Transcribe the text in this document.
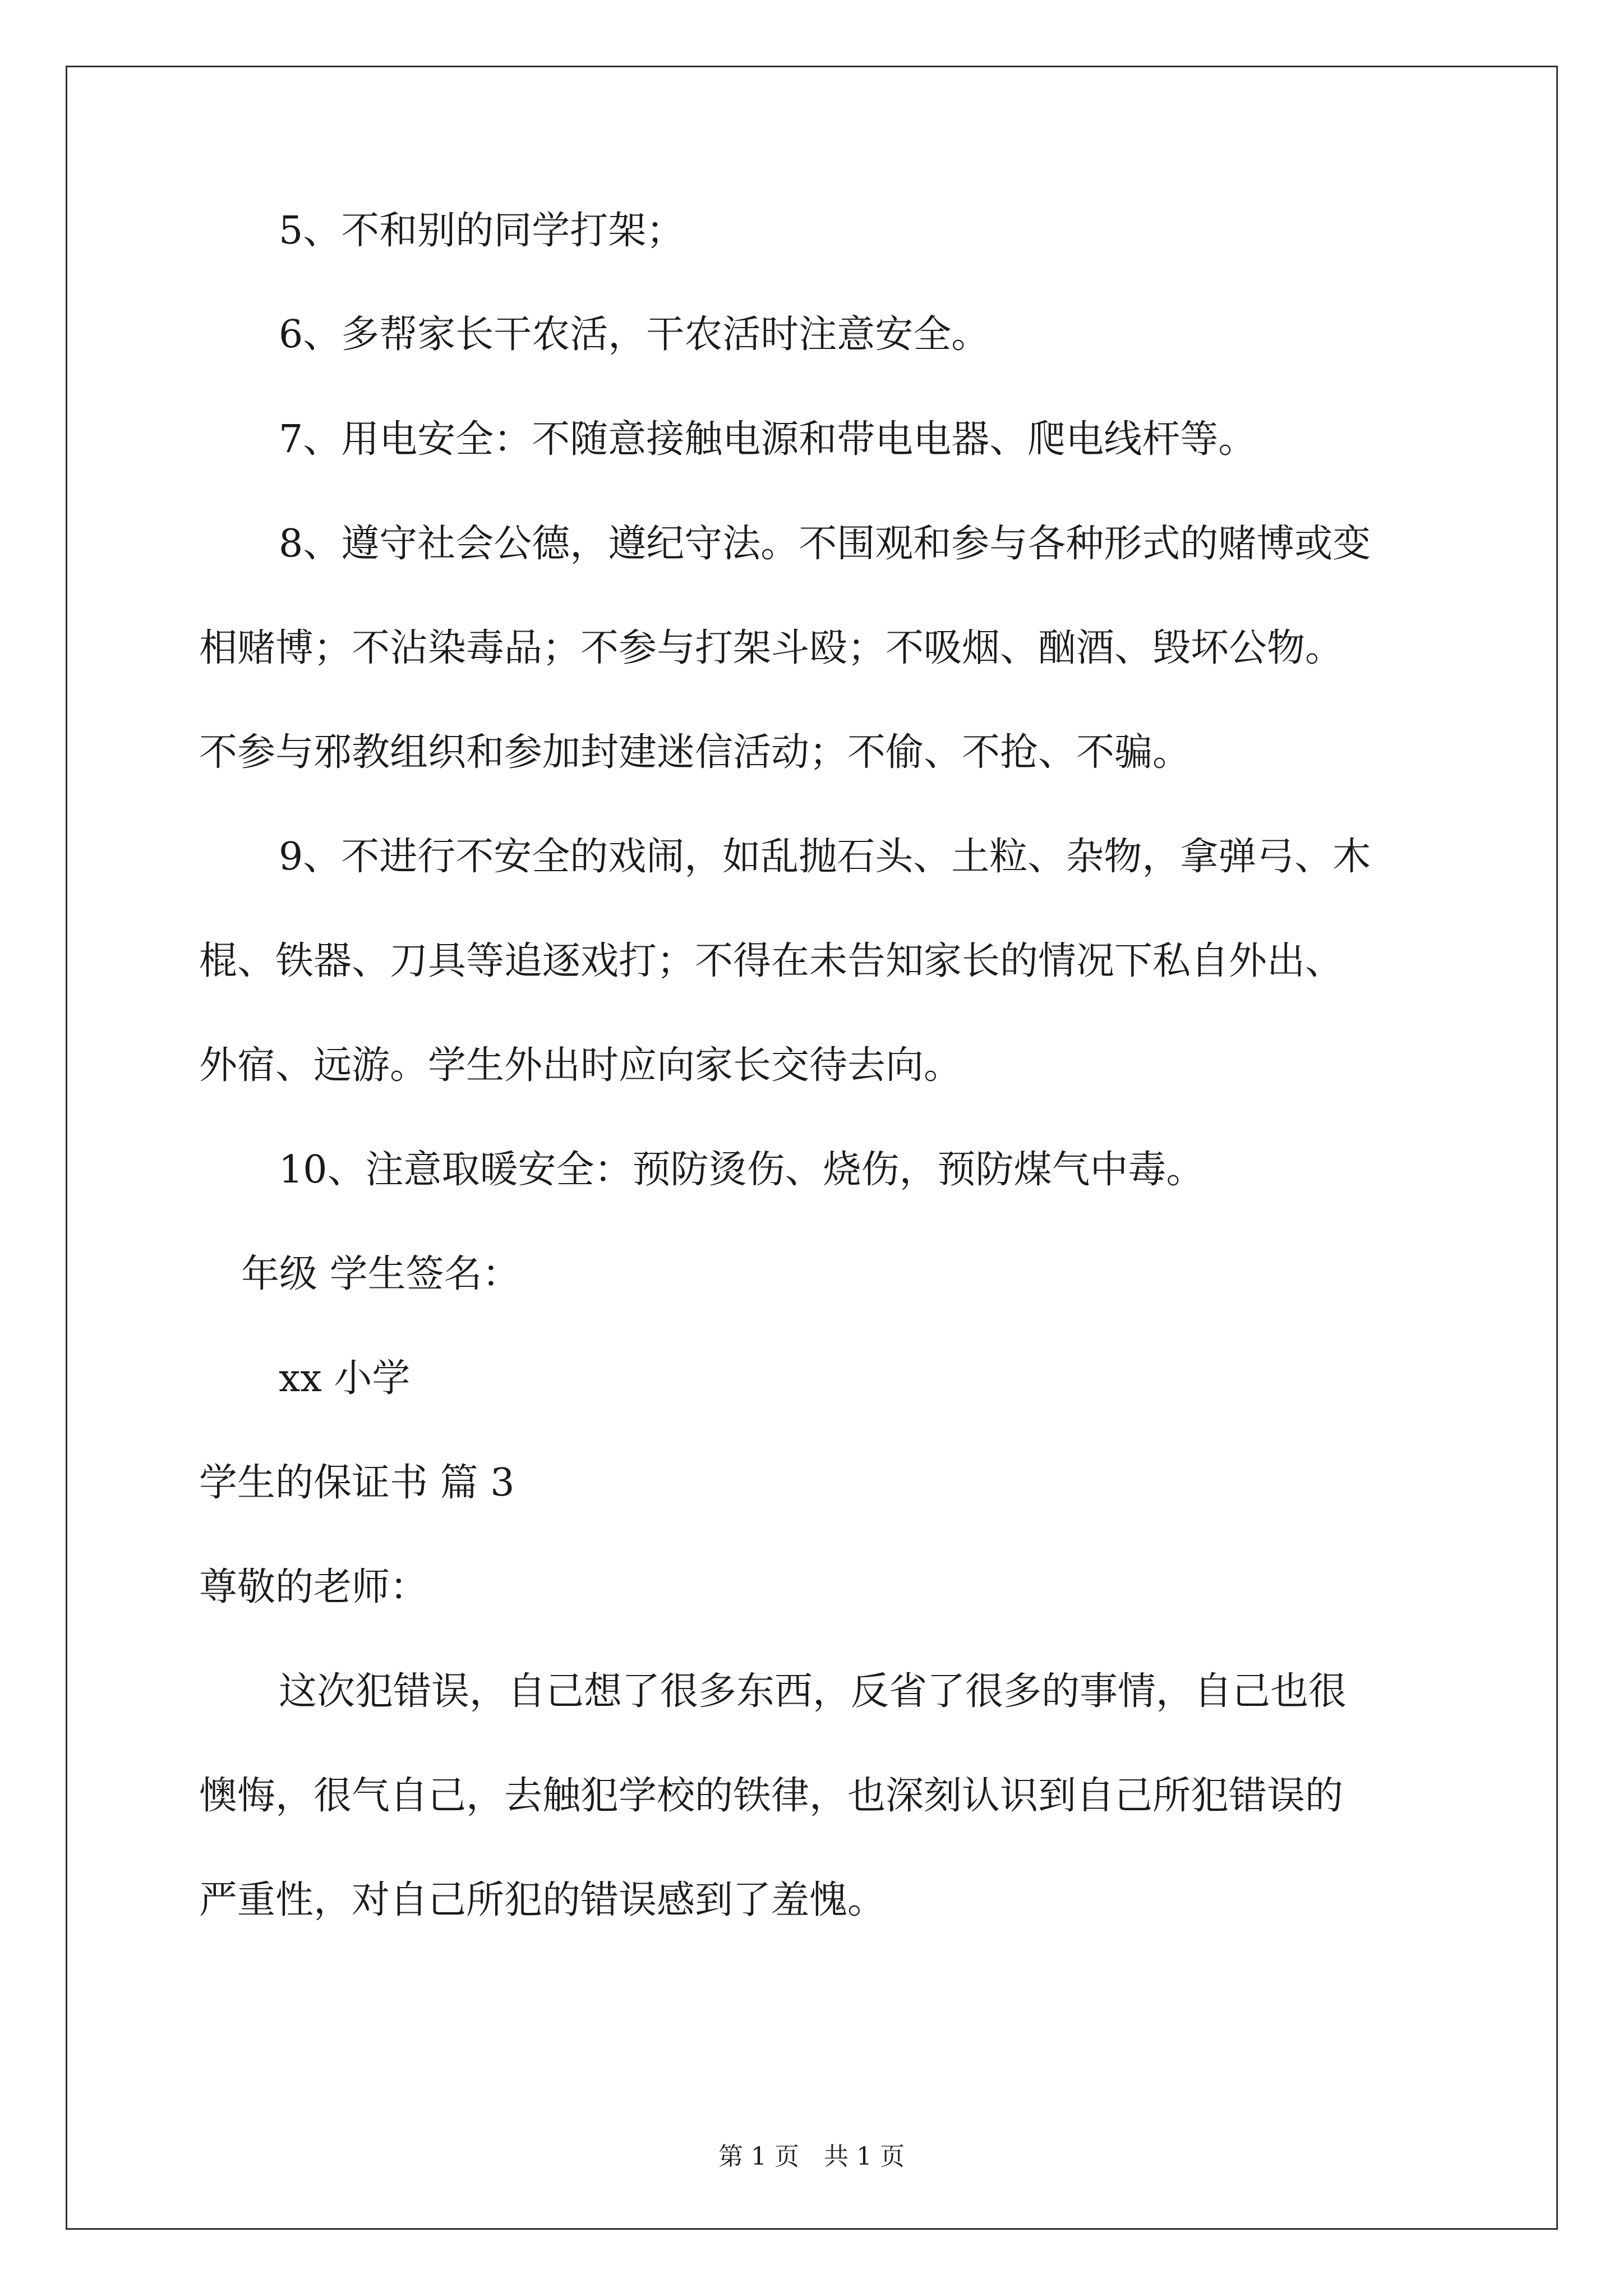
5、不和别的同学打架；
6、多帮家长干农活，干农活时注意安全。
7、用电安全：不随意接触电源和带电电器、爬电线杆等。
8、遵守社会公德，遵纪守法。不围观和参与各种形式的赌博或变
相赌博；不沾染毒品；不参与打架斗殴；不吸烟、酗酒、毁坏公物。
不参与邪教组织和参加封建迷信活动；不偷、不抢、不骗。
9、不进行不安全的戏闹，如乱抛石头、土粒、杂物，拿弹弓、木
棍、铁器、刀具等追逐戏打；不得在未告知家长的情况下私自外出、
外宿、远游。学生外出时应向家长交待去向。
10、注意取暖安全：预防烫伤、烧伤，预防煤气中毒。
年级 学生签名：
xx 小学
学生的保证书 篇 3
尊敬的老师：
这次犯错误，自己想了很多东西，反省了很多的事情，自己也很
懊悔，很气自己，去触犯学校的铁律，也深刻认识到自己所犯错误的
严重性，对自己所犯的错误感到了羞愧。
第 1 页　共 1 页
